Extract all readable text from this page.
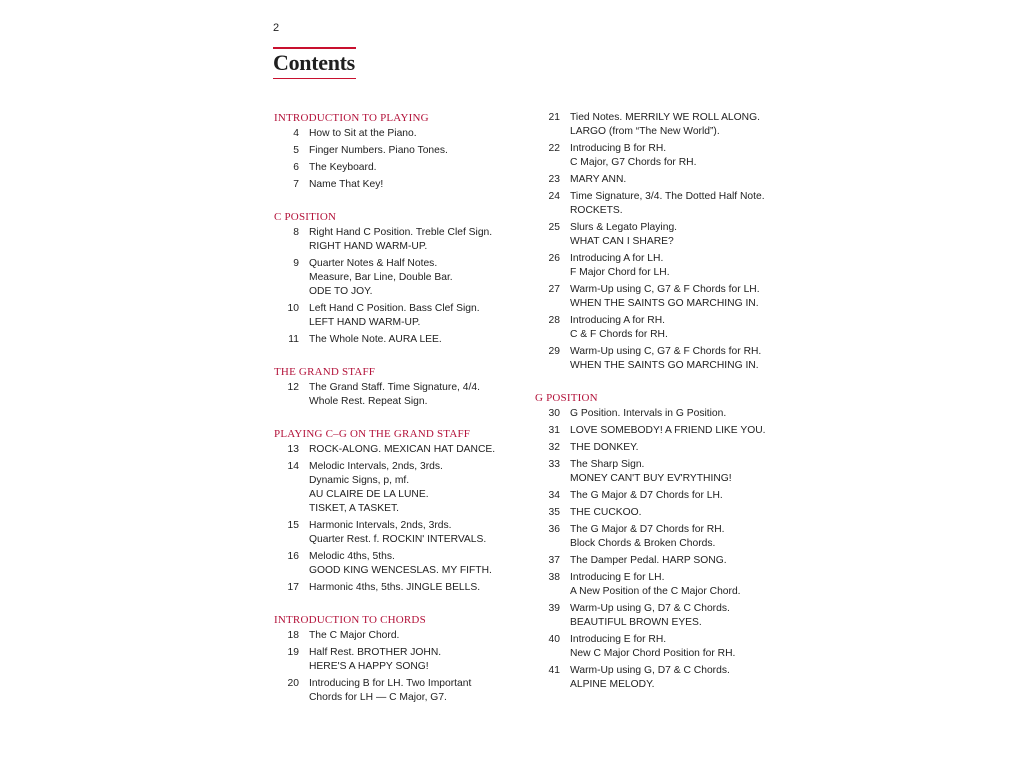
2
Contents
INTRODUCTION TO PLAYING
4 How to Sit at the Piano.
5 Finger Numbers. Piano Tones.
6 The Keyboard.
7 Name That Key!
C POSITION
8 Right Hand C Position. Treble Clef Sign.
RIGHT HAND WARM-UP.
9 Quarter Notes & Half Notes.
Measure, Bar Line, Double Bar.
ODE TO JOY.
10 Left Hand C Position. Bass Clef Sign.
LEFT HAND WARM-UP.
11 The Whole Note. AURA LEE.
THE GRAND STAFF
12 The Grand Staff. Time Signature, 4/4.
Whole Rest. Repeat Sign.
PLAYING C–G ON THE GRAND STAFF
13 ROCK-ALONG. MEXICAN HAT DANCE.
14 Melodic Intervals, 2nds, 3rds.
Dynamic Signs, p, mf.
AU CLAIRE DE LA LUNE.
TISKET, A TASKET.
15 Harmonic Intervals, 2nds, 3rds.
Quarter Rest. f. ROCKIN' INTERVALS.
16 Melodic 4ths, 5ths.
GOOD KING WENCESLAS. MY FIFTH.
17 Harmonic 4ths, 5ths. JINGLE BELLS.
INTRODUCTION TO CHORDS
18 The C Major Chord.
19 Half Rest. BROTHER JOHN.
HERE'S A HAPPY SONG!
20 Introducing B for LH. Two Important
Chords for LH — C Major, G7.
21 Tied Notes. MERRILY WE ROLL ALONG.
LARGO (from “The New World”).
22 Introducing B for RH.
C Major, G7 Chords for RH.
23 MARY ANN.
24 Time Signature, 3/4. The Dotted Half Note.
ROCKETS.
25 Slurs & Legato Playing.
WHAT CAN I SHARE?
26 Introducing A for LH.
F Major Chord for LH.
27 Warm-Up using C, G7 & F Chords for LH.
WHEN THE SAINTS GO MARCHING IN.
28 Introducing A for RH.
C & F Chords for RH.
29 Warm-Up using C, G7 & F Chords for RH.
WHEN THE SAINTS GO MARCHING IN.
G POSITION
30 G Position. Intervals in G Position.
31 LOVE SOMEBODY! A FRIEND LIKE YOU.
32 THE DONKEY.
33 The Sharp Sign.
MONEY CAN'T BUY EV'RYTHING!
34 The G Major & D7 Chords for LH.
35 THE CUCKOO.
36 The G Major & D7 Chords for RH.
Block Chords & Broken Chords.
37 The Damper Pedal. HARP SONG.
38 Introducing E for LH.
A New Position of the C Major Chord.
39 Warm-Up using G, D7 & C Chords.
BEAUTIFUL BROWN EYES.
40 Introducing E for RH.
New C Major Chord Position for RH.
41 Warm-Up using G, D7 & C Chords.
ALPINE MELODY.
